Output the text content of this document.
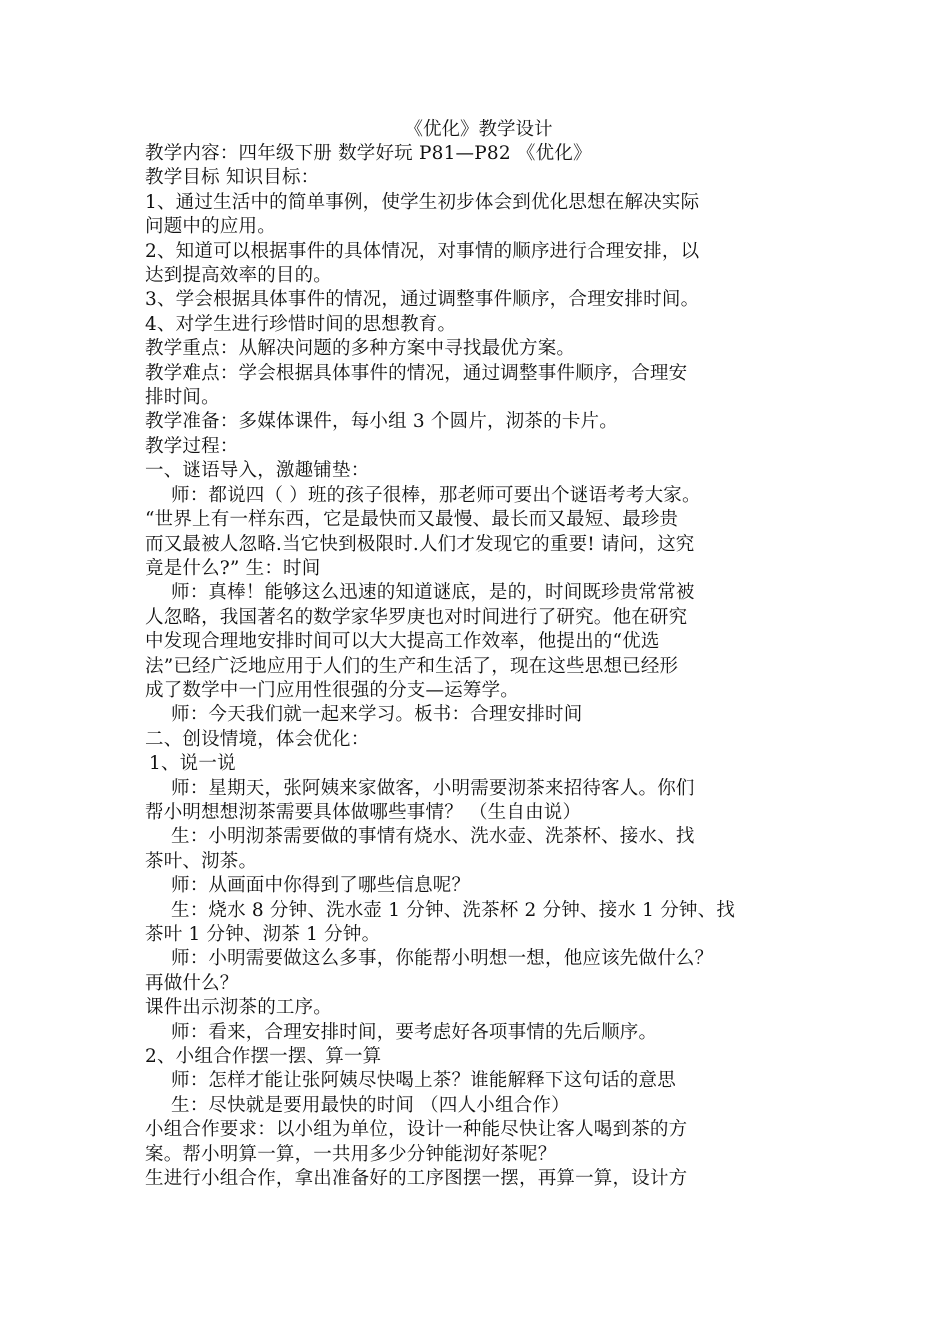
《优化》教学设计

教学内容：四年级下册 数学好玩 P81—P82 《优化》

教学目标 知识目标：

1、通过生活中的简单事例，使学生初步体会到优化思想在解决实际

问题中的应用。

2、知道可以根据事件的具体情况，对事情的顺序进行合理安排，以

达到提高效率的目的。

3、学会根据具体事件的情况，通过调整事件顺序，合理安排时间。

4、对学生进行珍惜时间的思想教育。

教学重点：从解决问题的多种方案中寻找最优方案。

教学难点：学会根据具体事件的情况，通过调整事件顺序，合理安

排时间。

教学准备：多媒体课件，每小组 3 个圆片，沏茶的卡片。

教学过程：

一、谜语导入，激趣铺垫：

师：都说四（ ）班的孩子很棒，那老师可要出个谜语考考大家。

“世界上有一样东西，它是最快而又最慢、最长而又最短、最珍贵

而又最被人忽略.当它快到极限时.人们才发现它的重要! 请问，这究

竟是什么?” 生：时间

师：真棒！能够这么迅速的知道谜底，是的，时间既珍贵常常被

人忽略，我国著名的数学家华罗庚也对时间进行了研究。他在研究

中发现合理地安排时间可以大大提高工作效率，他提出的“优选

法”已经广泛地应用于人们的生产和生活了，现在这些思想已经形

成了数学中一门应用性很强的分支—运筹学。

师：今天我们就一起来学习。板书：合理安排时间

二、创设情境，体会优化：

1、说一说

师：星期天，张阿姨来家做客，小明需要沏茶来招待客人。你们

帮小明想想沏茶需要具体做哪些事情？ （生自由说）

生：小明沏茶需要做的事情有烧水、洗水壶、洗茶杯、接水、找

茶叶、沏茶。

师：从画面中你得到了哪些信息呢？

生：烧水 8 分钟、洗水壶 1 分钟、洗茶杯 2 分钟、接水 1 分钟、找

茶叶 1 分钟、沏茶 1 分钟。

师：小明需要做这么多事，你能帮小明想一想，他应该先做什么？

再做什么？

课件出示沏茶的工序。

师：看来，合理安排时间，要考虑好各项事情的先后顺序。

2、小组合作摆一摆、算一算

师：怎样才能让张阿姨尽快喝上茶？谁能解释下这句话的意思

生：尽快就是要用最快的时间 （四人小组合作）

小组合作要求：以小组为单位，设计一种能尽快让客人喝到茶的方

案。帮小明算一算，一共用多少分钟能沏好茶呢？

生进行小组合作，拿出准备好的工序图摆一摆，再算一算，设计方
